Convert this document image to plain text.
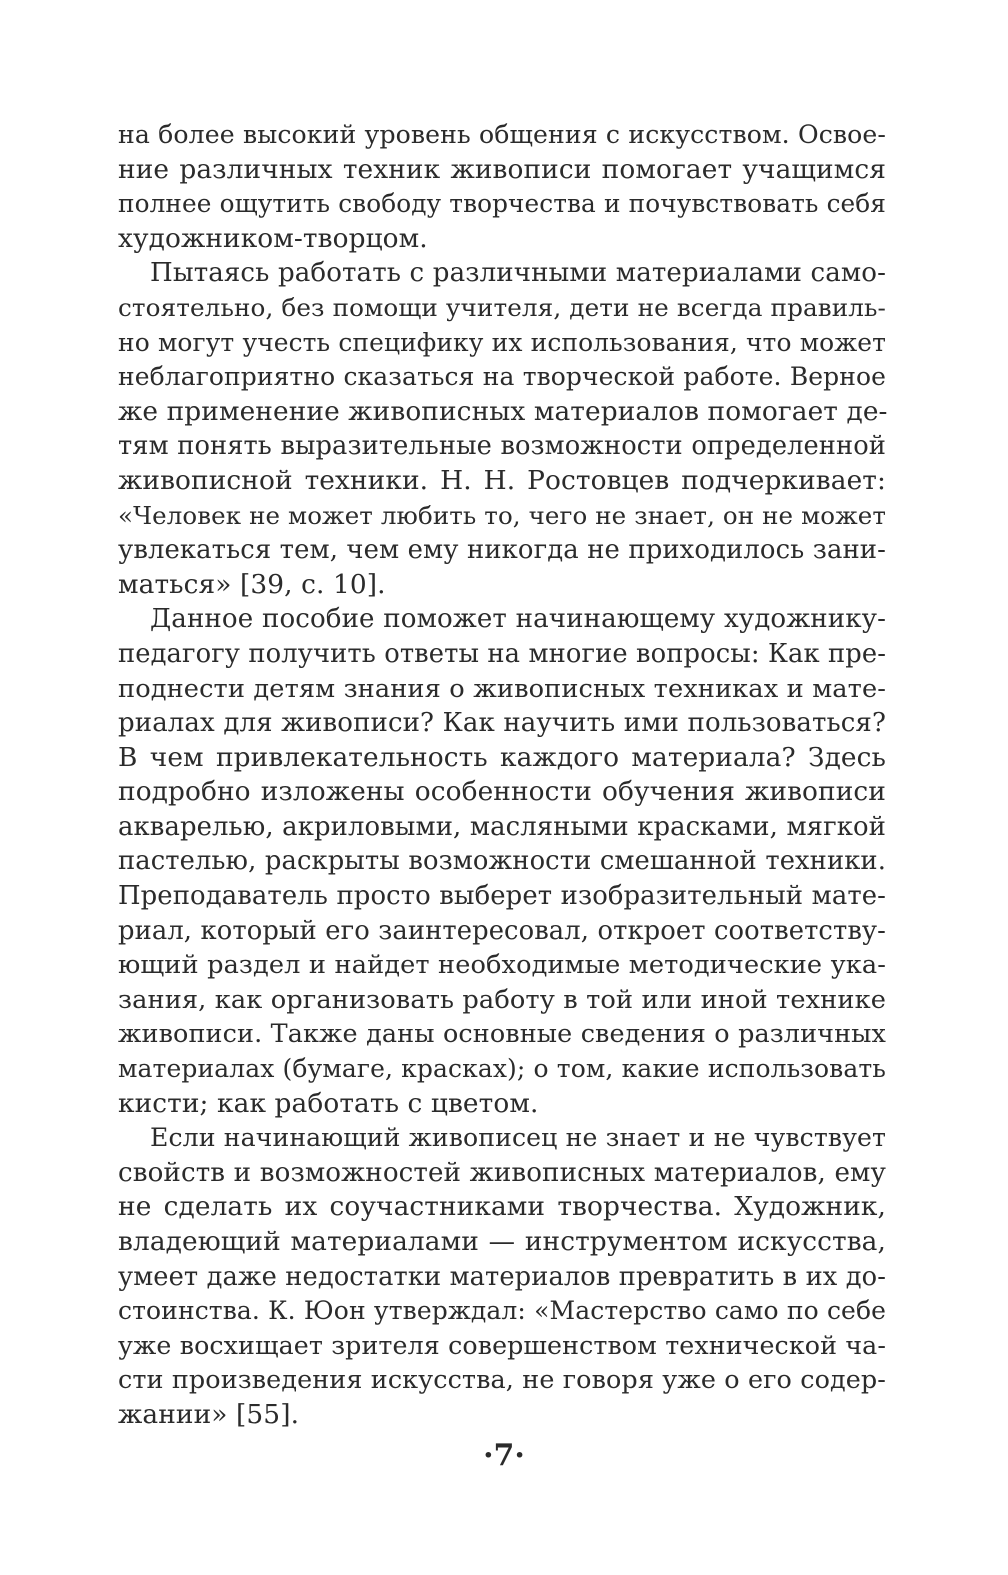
на более высокий уровень общения с искусством. Освое-
ние различных техник живописи помогает учащимся
полнее ощутить свободу творчества и почувствовать себя
художником-творцом.
Пытаясь работать с различными материалами само-
стоятельно, без помощи учителя, дети не всегда правиль-
но могут учесть специфику их использования, что может
неблагоприятно сказаться на творческой работе. Верное
же применение живописных материалов помогает де-
тям понять выразительные возможности определенной
живописной техники. Н. Н. Ростовцев подчеркивает:
«Человек не может любить то, чего не знает, он не может
увлекаться тем, чем ему никогда не приходилось зани-
маться» [39, с. 10].
Данное пособие поможет начинающему художнику-
педагогу получить ответы на многие вопросы: Как пре-
поднести детям знания о живописных техниках и мате-
риалах для живописи? Как научить ими пользоваться?
В чем привлекательность каждого материала? Здесь
подробно изложены особенности обучения живописи
акварелью, акриловыми, масляными красками, мягкой
пастелью, раскрыты возможности смешанной техники.
Преподаватель просто выберет изобразительный мате-
риал, который его заинтересовал, откроет соответству-
ющий раздел и найдет необходимые методические ука-
зания, как организовать работу в той или иной технике
живописи. Также даны основные сведения о различных
материалах (бумаге, красках); о том, какие использовать
кисти; как работать с цветом.
Если начинающий живописец не знает и не чувствует
свойств и возможностей живописных материалов, ему
не сделать их соучастниками творчества. Художник,
владеющий материалами — инструментом искусства,
умеет даже недостатки материалов превратить в их до-
стоинства. К. Юон утверждал: «Мастерство само по себе
уже восхищает зрителя совершенством технической ча-
сти произведения искусства, не говоря уже о его содер-
жании» [55].
·7·
